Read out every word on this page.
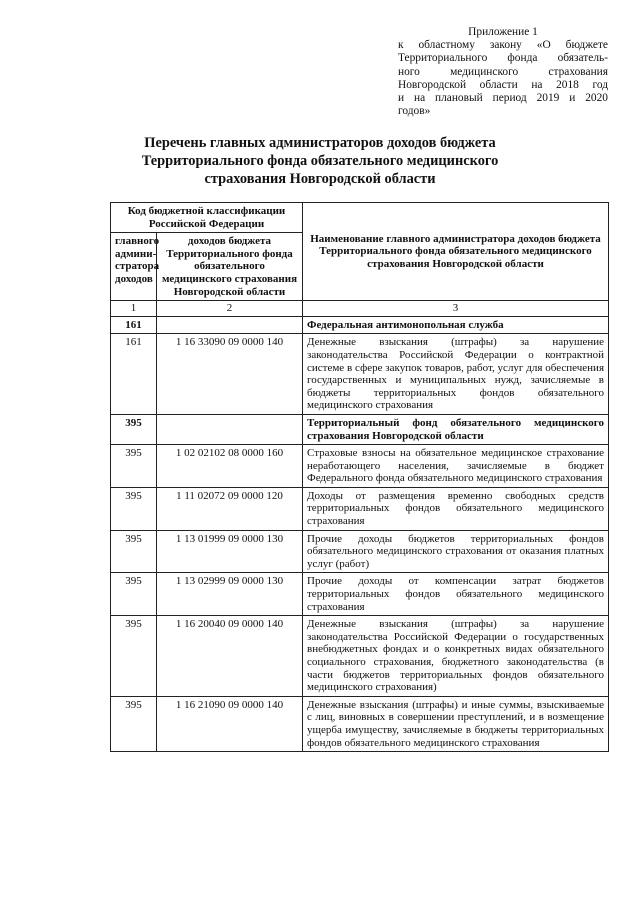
Приложение 1
к областному закону «О бюджете
Территориального фонда обязатель-
ного медицинского страхования
Новгородской области на 2018 год
и на плановый период 2019 и 2020
годов»
Перечень главных администраторов доходов бюджета
Территориального фонда обязательного медицинского
страхования Новгородской области
Код бюджетной классификации Российской Федерации		Наименование главного администратора доходов бюджета Территориального фонда обязательного медицинского страхования Новгородской области
главного админи-стратора доходов	доходов бюджета Территориального фонда обязательного медицинского страхования Новгородской области	
1	2	3
161		Федеральная антимонопольная служба
161	1 16 33090 09 0000 140	Денежные взыскания (штрафы) за нарушение законодательства Российской Федерации о контрактной системе в сфере закупок товаров, работ, услуг для обеспечения государственных и муниципальных нужд, зачисляемые в бюджеты территориальных фондов обязательного медицинского страхования
395		Территориальный фонд обязательного медицинского страхования Новгородской области
395	1 02 02102 08 0000 160	Страховые взносы на обязательное медицинское страхование неработающего населения, зачисляемые в бюджет Федерального фонда обязательного медицинского страхования
395	1 11 02072 09 0000 120	Доходы от размещения временно свободных средств территориальных фондов обязательного медицинского страхования
395	1 13 01999 09 0000 130	Прочие доходы бюджетов территориальных фондов обязательного медицинского страхования от оказания платных услуг (работ)
395	1 13 02999 09 0000 130	Прочие доходы от компенсации затрат бюджетов территориальных фондов обязательного медицинского страхования
395	1 16 20040 09 0000 140	Денежные взыскания (штрафы) за нарушение законодательства Российской Федерации о государственных внебюджетных фондах и о конкретных видах обязательного социального страхования, бюджетного законодательства (в части бюджетов территориальных фондов обязательного медицинского страхования)
395	1 16 21090 09 0000 140	Денежные взыскания (штрафы) и иные суммы, взыскиваемые с лиц, виновных в совершении преступлений, и в возмещение ущерба имуществу, зачисляемые в бюджеты территориальных фондов обязательного медицинского страхования
